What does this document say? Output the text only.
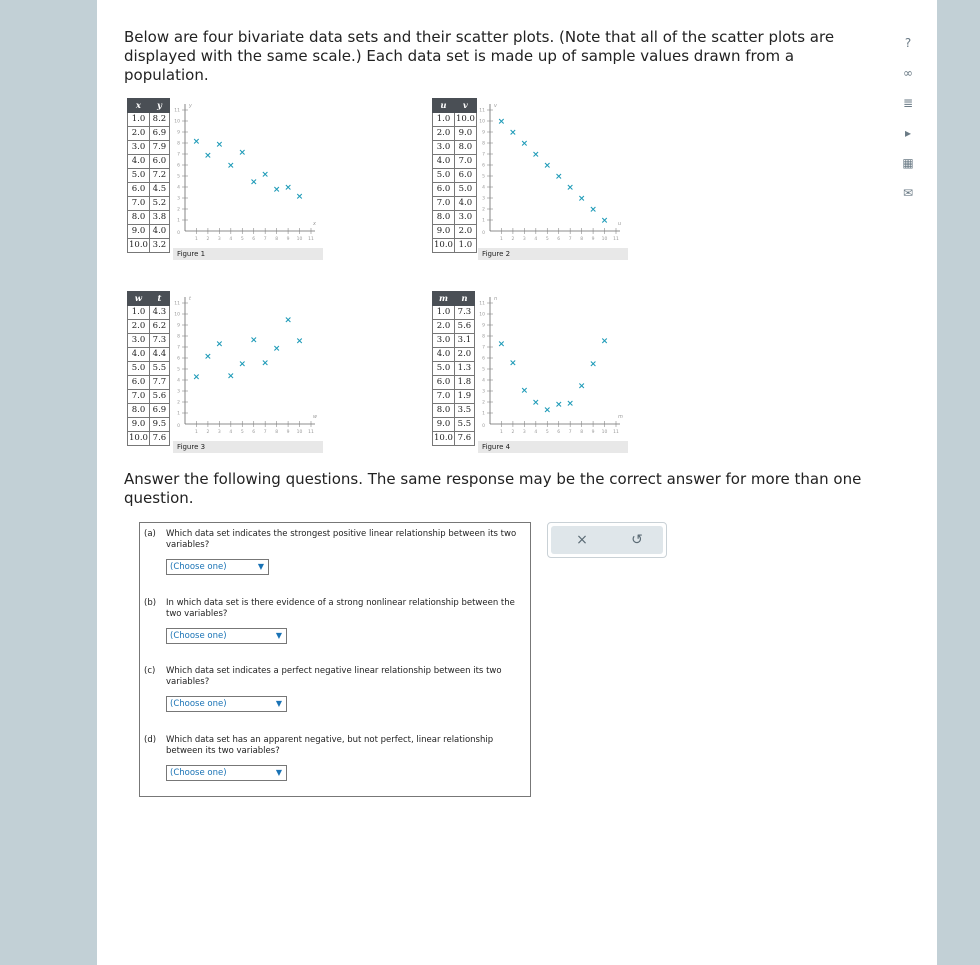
Below are four bivariate data sets and their scatter plots. (Note that all of the scatter plots are displayed with the same scale.) Each data set is made up of sample values drawn from a population.
x	y
1.0	8.2
2.0	6.9
3.0	7.9
4.0	6.0
5.0	7.2
6.0	4.5
7.0	5.2
8.0	3.8
9.0	4.0
10.0	3.2
1
1
2
2
3
3
4
4
5
5
6
6
7
7
8
8
9
9
10
10
11
11
0
y
x
×
×
×
×
×
×
×
× ×
×
Figure 1
u	v
1.0	10.0
2.0	9.0
3.0	8.0
4.0	7.0
5.0	6.0
6.0	5.0
7.0	4.0
8.0	3.0
9.0	2.0
10.0	1.0
1
1
2
2
3
3
4
4
5
5
6
6
7
7
8
8
9
9
10
10
11
11
0
v
u
×
×
×
×
×
×
×
×
×
×
Figure 2
w	t
1.0	4.3
2.0	6.2
3.0	7.3
4.0	4.4
5.0	5.5
6.0	7.7
7.0	5.6
8.0	6.9
9.0	9.5
10.0	7.6
1
1
2
2
3
3
4
4
5
5
6
6
7
7
8
8
9
9
10
10
11
11
0
t
w
×
×
×
×
×
×
×
×
×
×
Figure 3
m	n
1.0	7.3
2.0	5.6
3.0	3.1
4.0	2.0
5.0	1.3
6.0	1.8
7.0	1.9
8.0	3.5
9.0	5.5
10.0	7.6
1
1
2
2
3
3
4
4
5
5
6
6
7
7
8
8
9
9
10
10
11
11
0
n
m
×
×
×
×
×
× ×
×
×
×
Figure 4
Answer the following questions. The same response may be the correct answer for more than one question.
(a) Which data set indicates the strongest positive linear relationship between its two variables?
(Choose one)	▼
(b) In which data set is there evidence of a strong nonlinear relationship between the two variables?
(Choose one)	▼
(c) Which data set indicates a perfect negative linear relationship between its two variables?
(Choose one)	▼
(d) Which data set has an apparent negative, but not perfect, linear relationship between its two variables?
(Choose one)	▼
×	↺
?
∞
≣
▸
▦
✉
